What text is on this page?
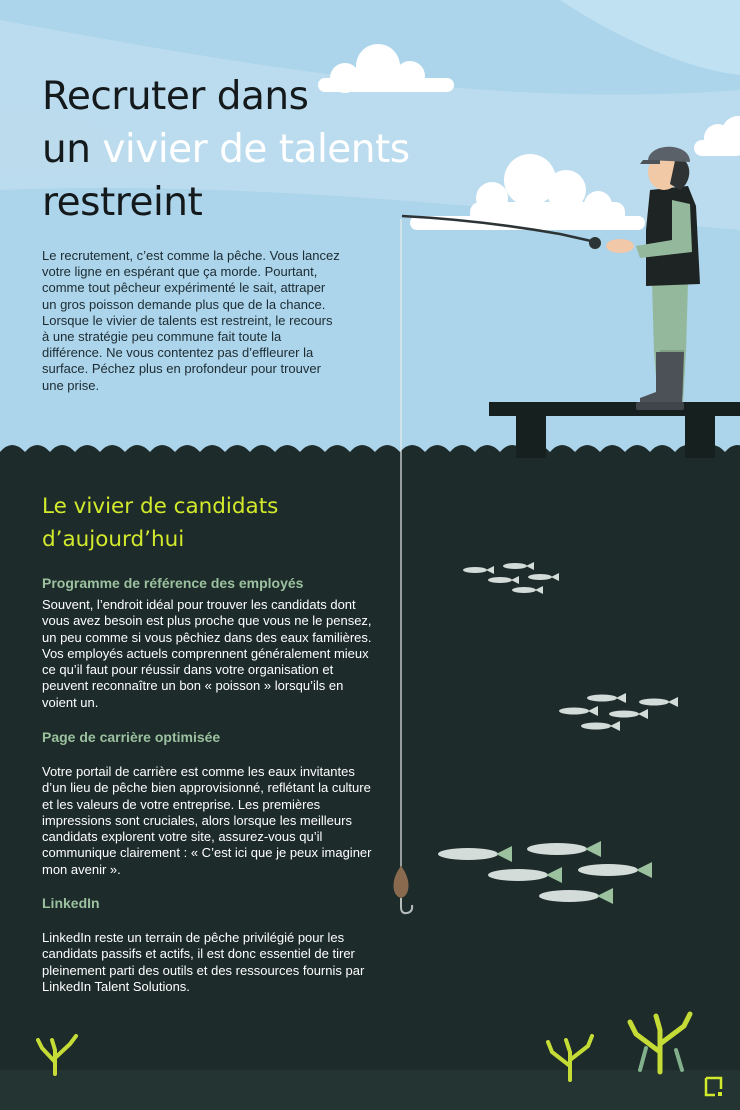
Recruter dans
un vivier de talents
restreint

Le recrutement, c’est comme la pêche. Vous lancez votre ligne en espérant que ça morde. Pourtant, comme tout pêcheur expérimenté le sait, attraper un gros poisson demande plus que de la chance. Lorsque le vivier de talents est restreint, le recours à une stratégie peu commune fait toute la différence. Ne vous contentez pas d’effleurer la surface. Péchez plus en profondeur pour trouver une prise.

Le vivier de candidats
d’aujourd’hui
Programme de référence des employés

Souvent, l’endroit idéal pour trouver les candidats dont vous avez besoin est plus proche que vous ne le pensez, un peu comme si vous pêchiez dans des eaux familières. Vos employés actuels comprennent généralement mieux ce qu’il faut pour réussir dans votre organisation et peuvent reconnaître un bon « poisson » lorsqu’ils en voient un.

Page de carrière optimisée

Votre portail de carrière est comme les eaux invitantes d’un lieu de pêche bien approvisionné, reflétant la culture et les valeurs de votre entreprise. Les premières impressions sont cruciales, alors lorsque les meilleurs candidats explorent votre site, assurez-vous qu’il communique clairement : « C’est ici que je peux imaginer mon avenir ».

LinkedIn

LinkedIn reste un terrain de pêche privilégié pour les candidats passifs et actifs, il est donc essentiel de tirer pleinement parti des outils et des ressources fournis par LinkedIn Talent Solutions.
